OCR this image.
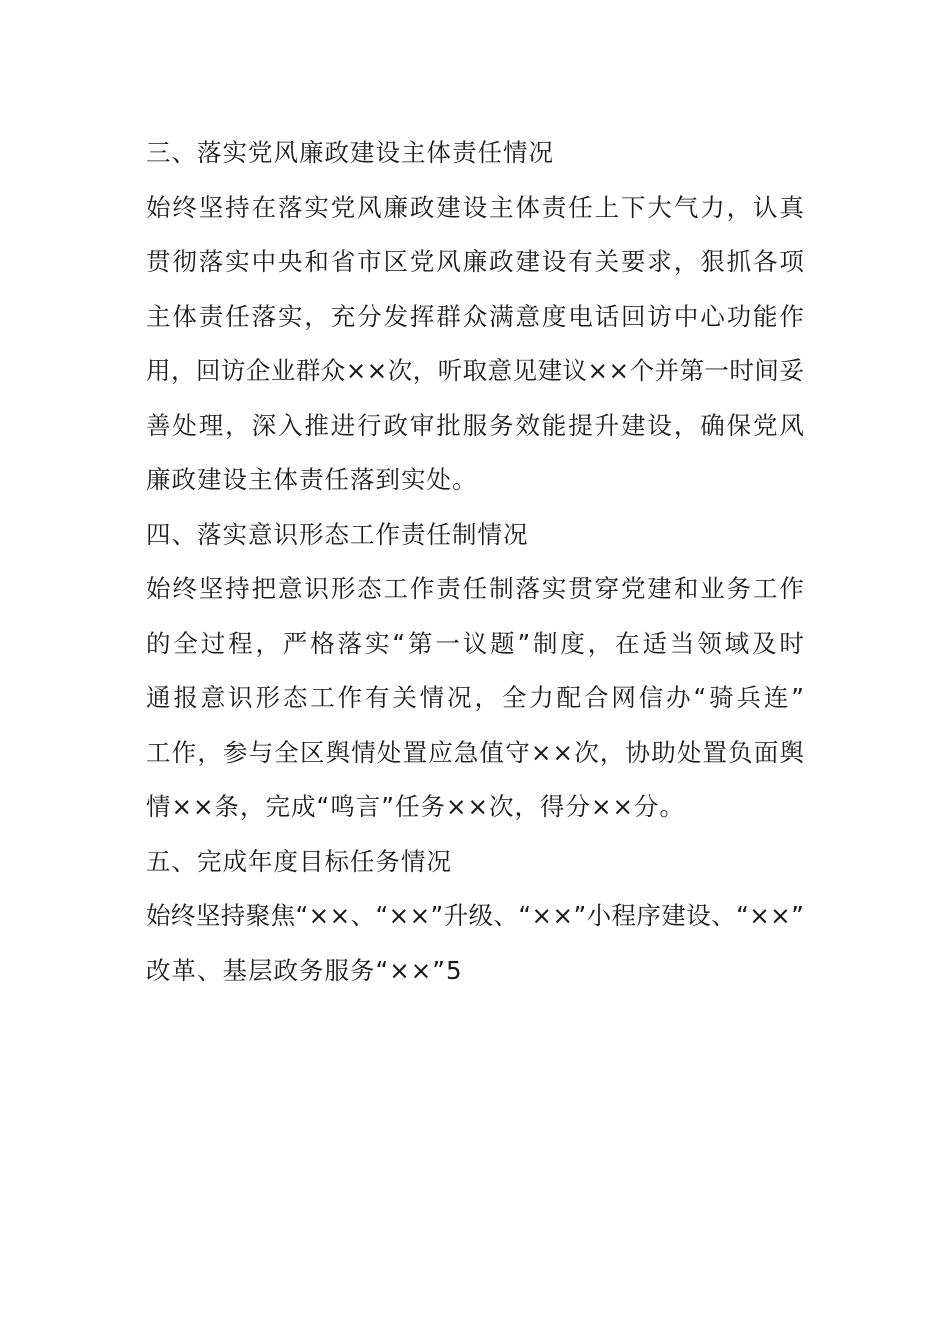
三、落实党风廉政建设主体责任情况
始 终 坚 持 在 落 实 党 风 廉 政 建 设 主 体 责 任 上 下 大 气 力 ， 认 真
贯 彻 落 实 中 央 和 省 市 区 党 风 廉 政 建 设 有 关 要 求 ， 狠 抓 各 项
主 体 责 任 落 实 ， 充 分 发 挥 群 众 满 意 度 电 话 回 访 中 心 功 能 作
用 ， 回 访 企 业 群 众 × × 次 ， 听 取 意 见 建 议 × × 个 并 第 一 时 间 妥
善 处 理 ， 深 入 推 进 行 政 审 批 服 务 效 能 提 升 建 设 ， 确 保 党 风
廉政建设主体责任落到实处。
四、落实意识形态工作责任制情况
始 终 坚 持 把 意 识 形 态 工 作 责 任 制 落 实 贯 穿 党 建 和 业 务 工 作
的 全 过 程 ， 严 格 落 实 “ 第 一 议 题 ” 制 度 ， 在 适 当 领 域 及 时
通 报 意 识 形 态 工 作 有 关 情 况 ， 全 力 配 合 网 信 办 “ 骑 兵 连 ”
工 作 ， 参 与 全 区 舆 情 处 置 应 急 值 守 × × 次 ， 协 助 处 置 负 面 舆
情××条，完成“鸣言”任务××次，得分××分。
五、完成年度目标任务情况
始 终 坚 持 聚 焦 “ × × 、 “ × × ” 升 级 、 “ × × ” 小 程 序 建 设 、 “ × × ”
改革、基层政务服务“××”5
